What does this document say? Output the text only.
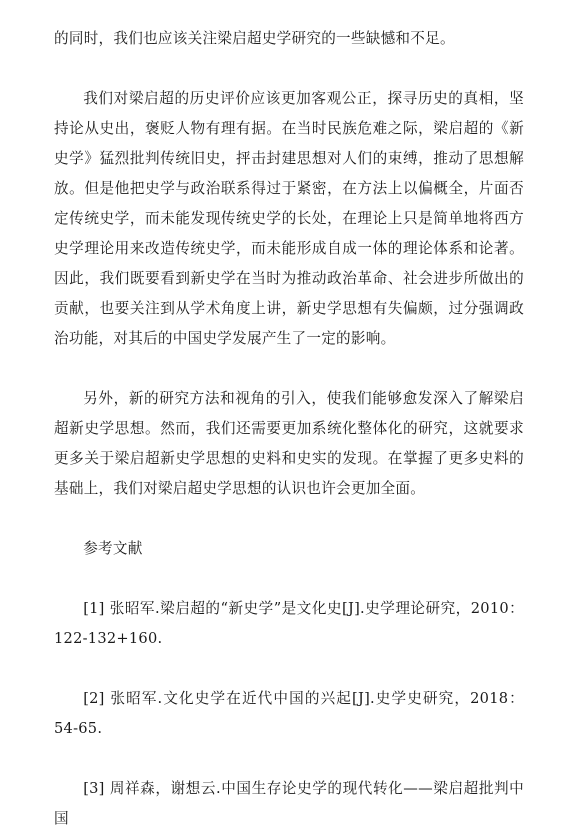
的同时，我们也应该关注梁启超史学研究的一些缺憾和不足。

我们对梁启超的历史评价应该更加客观公正，探寻历史的真相，坚持论从史出，褒贬人物有理有据。在当时民族危难之际，梁启超的《新史学》猛烈批判传统旧史，抨击封建思想对人们的束缚，推动了思想解放。但是他把史学与政治联系得过于紧密，在方法上以偏概全，片面否定传统史学，而未能发现传统史学的长处，在理论上只是简单地将西方史学理论用来改造传统史学，而未能形成自成一体的理论体系和论著。因此，我们既要看到新史学在当时为推动政治革命、社会进步所做出的贡献，也要关注到从学术角度上讲，新史学思想有失偏颇，过分强调政治功能，对其后的中国史学发展产生了一定的影响。

另外，新的研究方法和视角的引入，使我们能够愈发深入了解梁启超新史学思想。然而，我们还需要更加系统化整体化的研究，这就要求更多关于梁启超新史学思想的史料和史实的发现。在掌握了更多史料的基础上，我们对梁启超史学思想的认识也许会更加全面。

参考文献

[1] 张昭军.梁启超的“新史学”是文化史[J].史学理论研究，2010：122-132+160.

[2] 张昭军.文化史学在近代中国的兴起[J].史学史研究，2018：54-65.

[3] 周祥森，谢想云.中国生存论史学的现代转化——梁启超批判中国
